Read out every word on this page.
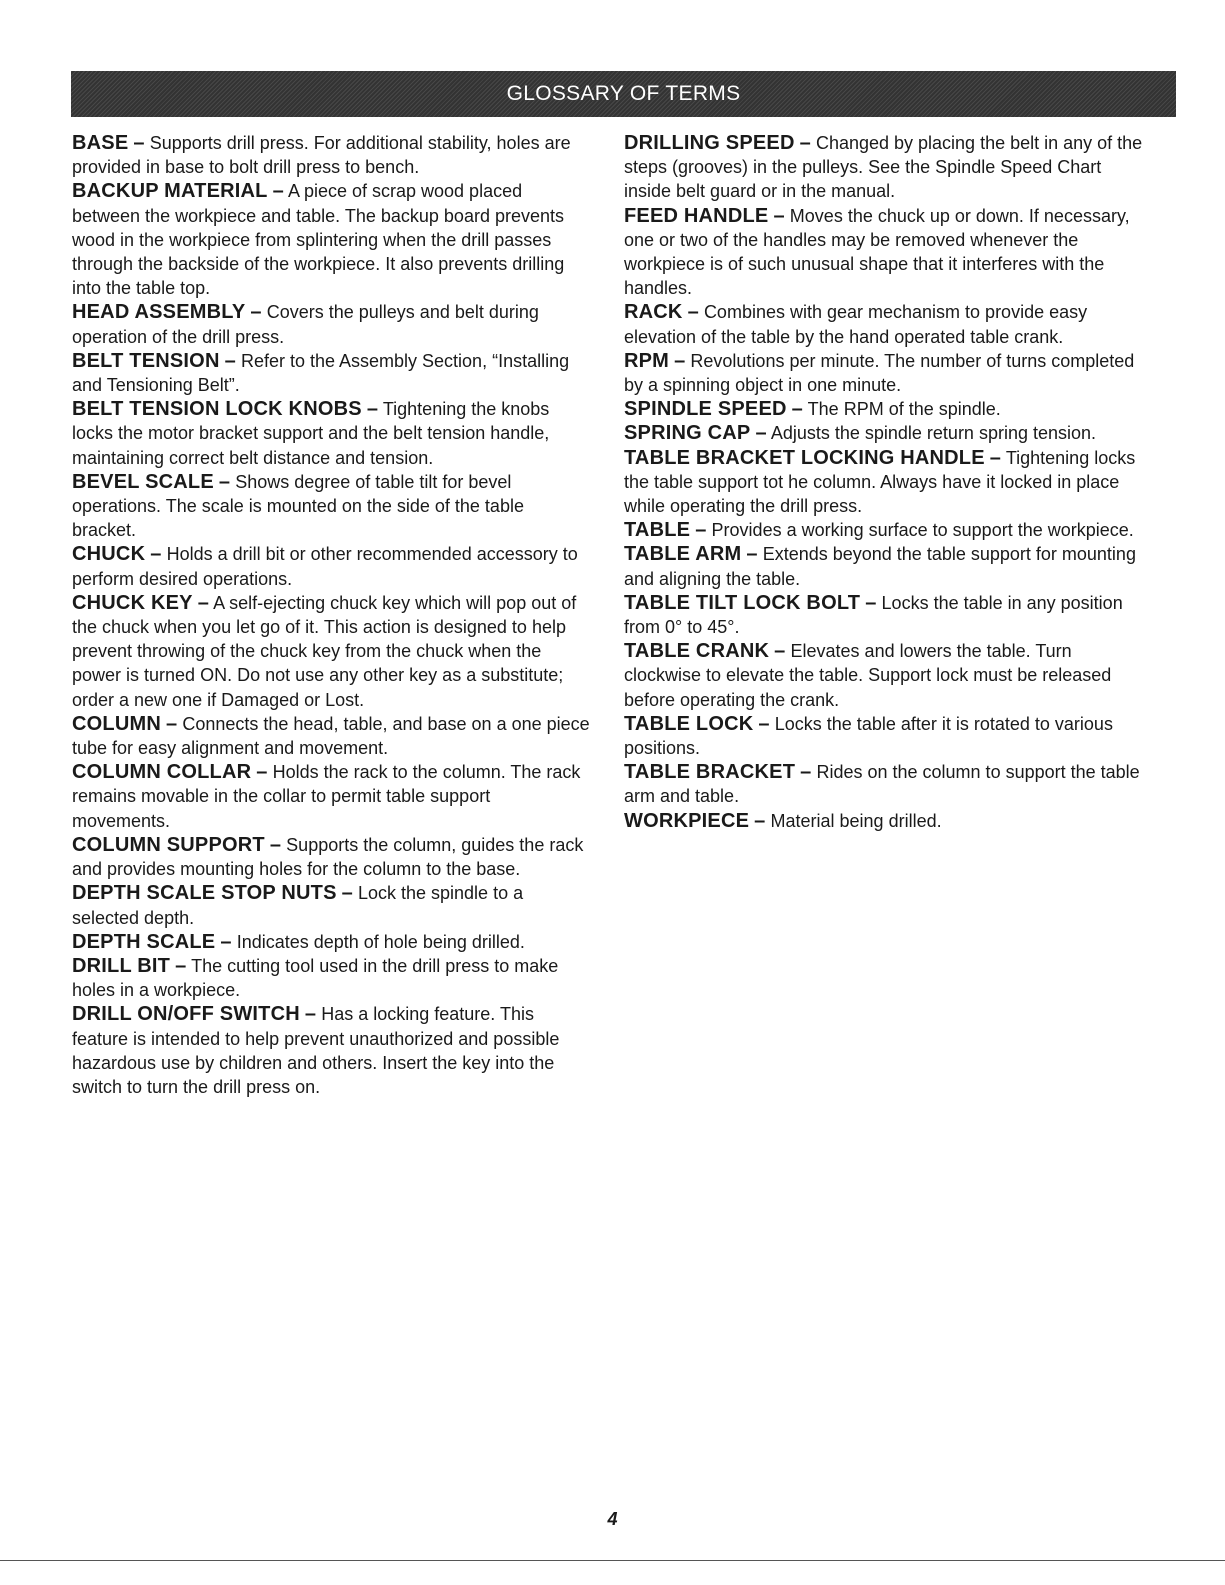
GLOSSARY OF TERMS

BASE – Supports drill press. For additional stability, holes are provided in base to bolt drill press to bench.

BACKUP MATERIAL – A piece of scrap wood placed between the workpiece and table. The backup board prevents wood in the workpiece from splintering when the drill passes through the backside of the workpiece. It also prevents drilling into the table top.

HEAD ASSEMBLY – Covers the pulleys and belt during operation of the drill press.

BELT TENSION – Refer to the Assembly Section, “Installing and Tensioning Belt”.

BELT TENSION LOCK KNOBS – Tightening the knobs locks the motor bracket support and the belt tension handle, maintaining correct belt distance and tension.

BEVEL SCALE – Shows degree of table tilt for bevel operations. The scale is mounted on the side of the table bracket.

CHUCK – Holds a drill bit or other recommended accessory to perform desired operations.

CHUCK KEY – A self-ejecting chuck key which will pop out of the chuck when you let go of it. This action is designed to help prevent throwing of the chuck key from the chuck when the power is turned ON. Do not use any other key as a substitute; order a new one if Damaged or Lost.

COLUMN – Connects the head, table, and base on a one piece tube for easy alignment and movement.

COLUMN COLLAR – Holds the rack to the column. The rack remains movable in the collar to permit table support movements.

COLUMN SUPPORT – Supports the column, guides the rack and provides mounting holes for the column to the base.

DEPTH SCALE STOP NUTS – Lock the spindle to a selected depth.

DEPTH SCALE – Indicates depth of hole being drilled.

DRILL BIT – The cutting tool used in the drill press to make holes in a workpiece.

DRILL ON/OFF SWITCH – Has a locking feature. This feature is intended to help prevent unauthorized and possible hazardous use by children and others. Insert the key into the switch to turn the drill press on.

DRILLING SPEED – Changed by placing the belt in any of the steps (grooves) in the pulleys. See the Spindle Speed Chart inside belt guard or in the manual.

FEED HANDLE – Moves the chuck up or down. If necessary, one or two of the handles may be removed whenever the workpiece is of such unusual shape that it interferes with the handles.

RACK – Combines with gear mechanism to provide easy elevation of the table by the hand operated table crank.

RPM – Revolutions per minute. The number of turns completed by a spinning object in one minute.

SPINDLE SPEED – The RPM of the spindle.

SPRING CAP – Adjusts the spindle return spring tension.

TABLE BRACKET LOCKING HANDLE – Tightening locks the table support tot he column. Always have it locked in place while operating the drill press.

TABLE – Provides a working surface to support the workpiece.

TABLE ARM – Extends beyond the table support for mounting and aligning the table.

TABLE TILT LOCK BOLT – Locks the table in any position from 0° to 45°.

TABLE CRANK – Elevates and lowers the table. Turn clockwise to elevate the table. Support lock must be released before operating the crank.

TABLE LOCK – Locks the table after it is rotated to various positions.

TABLE BRACKET – Rides on the column to support the table arm and table.

WORKPIECE – Material being drilled.

4
